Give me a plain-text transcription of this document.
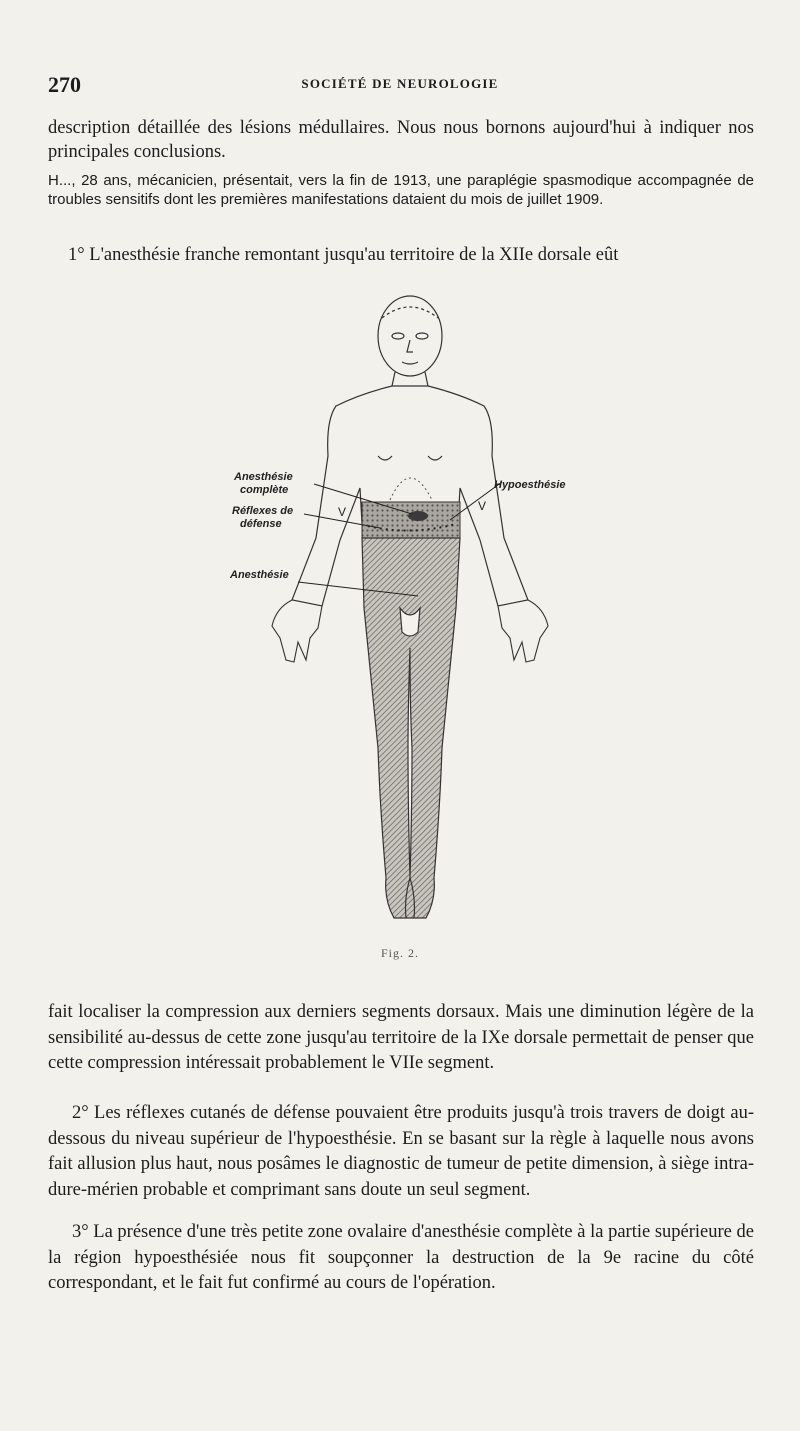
270	SOCIÉTÉ DE NEUROLOGIE
description détaillée des lésions médullaires. Nous nous bornons aujourd'hui à indiquer nos principales conclusions.
H..., 28 ans, mécanicien, présentait, vers la fin de 1913, une paraplégie spasmodique accompagnée de troubles sensitifs dont les premières manifestations dataient du mois de juillet 1909.
1° L'anesthésie franche remontant jusqu'au territoire de la XIIe dorsale eût
Anesthésie
complète
Réflexes de
défense
Anesthésie
Hypoesthésie
V	V
Fig. 2.
fait localiser la compression aux derniers segments dorsaux. Mais une diminution légère de la sensibilité au-dessus de cette zone jusqu'au territoire de la IXe dorsale permettait de penser que cette compression intéressait probablement le VIIe segment.
2° Les réflexes cutanés de défense pouvaient être produits jusqu'à trois travers de doigt au-dessous du niveau supérieur de l'hypoesthésie. En se basant sur la règle à laquelle nous avons fait allusion plus haut, nous posâmes le diagnostic de tumeur de petite dimension, à siège intra-dure-mérien probable et comprimant sans doute un seul segment.
3° La présence d'une très petite zone ovalaire d'anesthésie complète à la partie supérieure de la région hypoesthésiée nous fit soupçonner la destruction de la 9e racine du côté correspondant, et le fait fut confirmé au cours de l'opération.
